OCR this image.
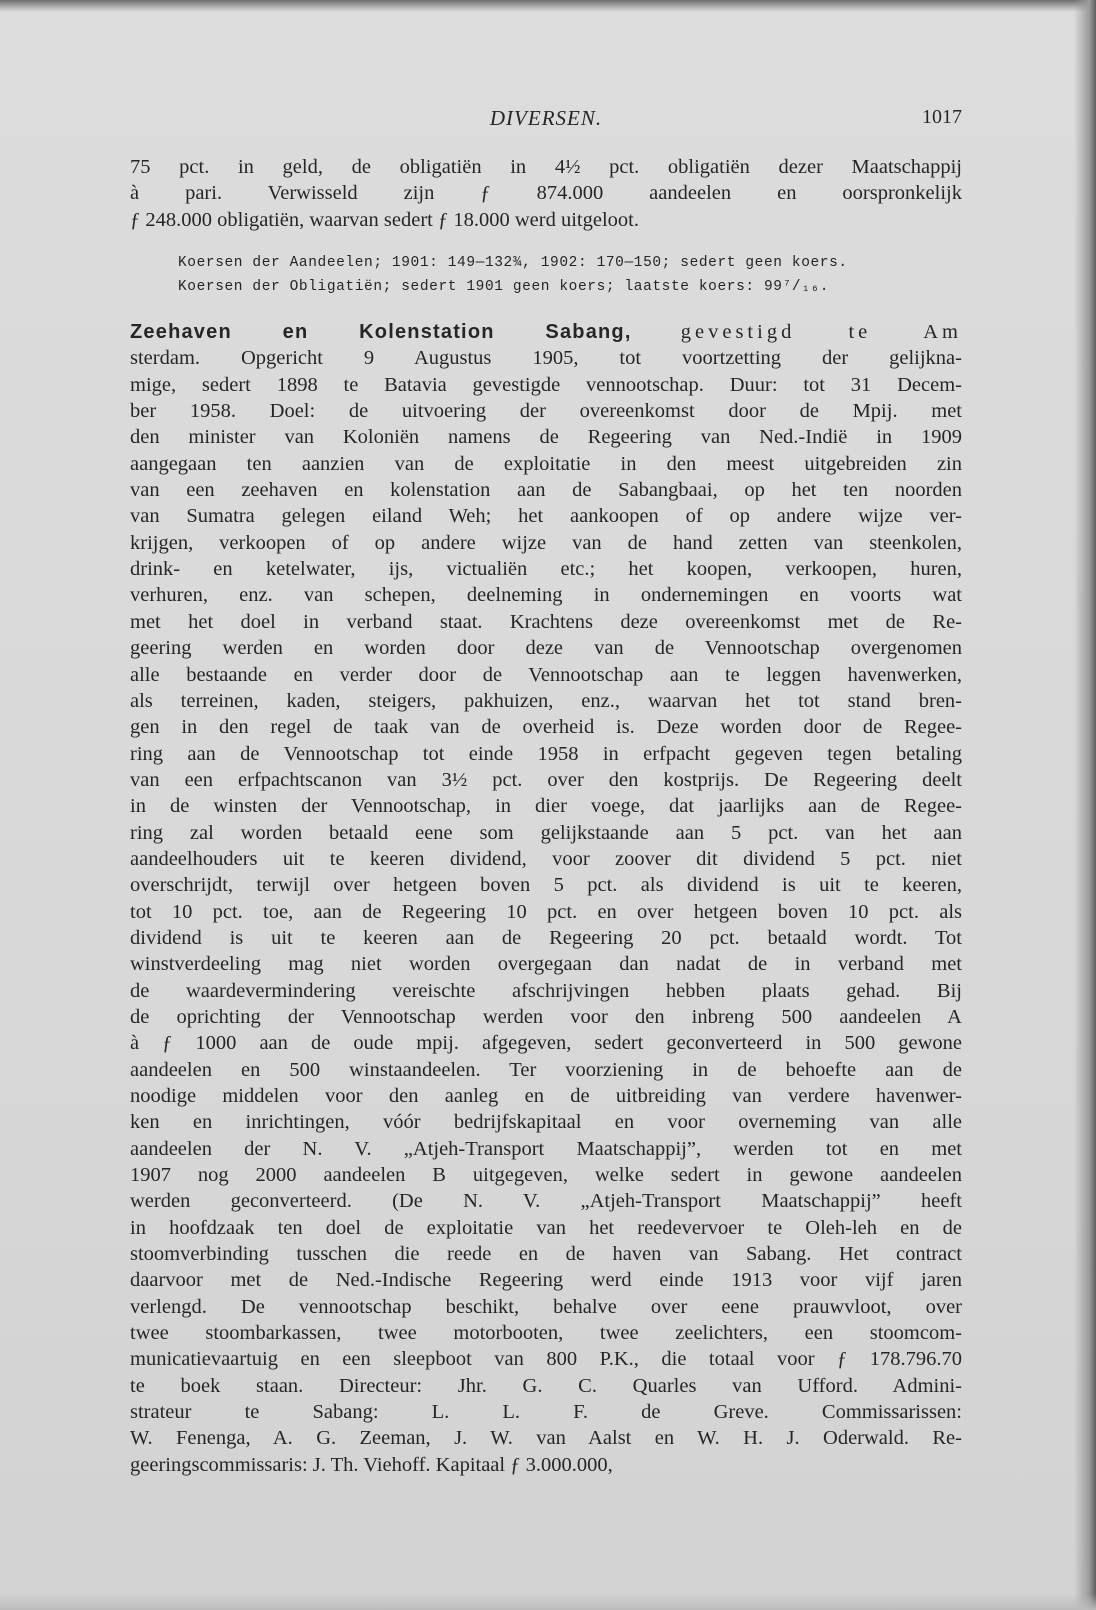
DIVERSEN.	1017
75 pct. in geld, de obligatiën in 4½ pct. obligatiën dezer Maatschappij
à pari. Verwisseld zijn ƒ 874.000 aandeelen en oorspronkelijk
ƒ 248.000 obligatiën, waarvan sedert ƒ 18.000 werd uitgeloot.
Koersen der Aandeelen; 1901: 149—132¾, 1902: 170—150; sedert geen koers.
Koersen der Obligatiën; sedert 1901 geen koers; laatste koers: 99⁷/₁₆.
Zeehaven en Kolenstation Sabang, gevestigd te Am
sterdam. Opgericht 9 Augustus 1905, tot voortzetting der gelijkna-
mige, sedert 1898 te Batavia gevestigde vennootschap. Duur: tot 31 Decem-
ber 1958. Doel: de uitvoering der overeenkomst door de Mpij. met
den minister van Koloniën namens de Regeering van Ned.-Indië in 1909
aangegaan ten aanzien van de exploitatie in den meest uitgebreiden zin
van een zeehaven en kolenstation aan de Sabangbaai, op het ten noorden
van Sumatra gelegen eiland Weh; het aankoopen of op andere wijze ver-
krijgen, verkoopen of op andere wijze van de hand zetten van steenkolen,
drink- en ketelwater, ijs, victualiën etc.; het koopen, verkoopen, huren,
verhuren, enz. van schepen, deelneming in ondernemingen en voorts wat
met het doel in verband staat. Krachtens deze overeenkomst met de Re-
geering werden en worden door deze van de Vennootschap overgenomen
alle bestaande en verder door de Vennootschap aan te leggen havenwerken,
als terreinen, kaden, steigers, pakhuizen, enz., waarvan het tot stand bren-
gen in den regel de taak van de overheid is. Deze worden door de Regee-
ring aan de Vennootschap tot einde 1958 in erfpacht gegeven tegen betaling
van een erfpachtscanon van 3½ pct. over den kostprijs. De Regeering deelt
in de winsten der Vennootschap, in dier voege, dat jaarlijks aan de Regee-
ring zal worden betaald eene som gelijkstaande aan 5 pct. van het aan
aandeelhouders uit te keeren dividend, voor zoover dit dividend 5 pct. niet
overschrijdt, terwijl over hetgeen boven 5 pct. als dividend is uit te keeren,
tot 10 pct. toe, aan de Regeering 10 pct. en over hetgeen boven 10 pct. als
dividend is uit te keeren aan de Regeering 20 pct. betaald wordt. Tot
winstverdeeling mag niet worden overgegaan dan nadat de in verband met
de waardevermindering vereischte afschrijvingen hebben plaats gehad. Bij
de oprichting der Vennootschap werden voor den inbreng 500 aandeelen A
à ƒ 1000 aan de oude mpij. afgegeven, sedert geconverteerd in 500 gewone
aandeelen en 500 winstaandeelen. Ter voorziening in de behoefte aan de
noodige middelen voor den aanleg en de uitbreiding van verdere havenwer-
ken en inrichtingen, vóór bedrijfskapitaal en voor overneming van alle
aandeelen der N. V. „Atjeh-Transport Maatschappij”, werden tot en met
1907 nog 2000 aandeelen B uitgegeven, welke sedert in gewone aandeelen
werden geconverteerd. (De N. V. „Atjeh-Transport Maatschappij” heeft
in hoofdzaak ten doel de exploitatie van het reedevervoer te Oleh-leh en de
stoomverbinding tusschen die reede en de haven van Sabang. Het contract
daarvoor met de Ned.-Indische Regeering werd einde 1913 voor vijf jaren
verlengd. De vennootschap beschikt, behalve over eene prauwvloot, over
twee stoombarkassen, twee motorbooten, twee zeelichters, een stoomcom-
municatievaartuig en een sleepboot van 800 P.K., die totaal voor ƒ 178.796.70
te boek staan. Directeur: Jhr. G. C. Quarles van Ufford. Admini-
strateur te Sabang: L. L. F. de Greve. Commissarissen:
W. Fenenga, A. G. Zeeman, J. W. van Aalst en W. H. J. Oderwald. Re-
geeringscommissaris: J. Th. Viehoff. Kapitaal ƒ 3.000.000,
